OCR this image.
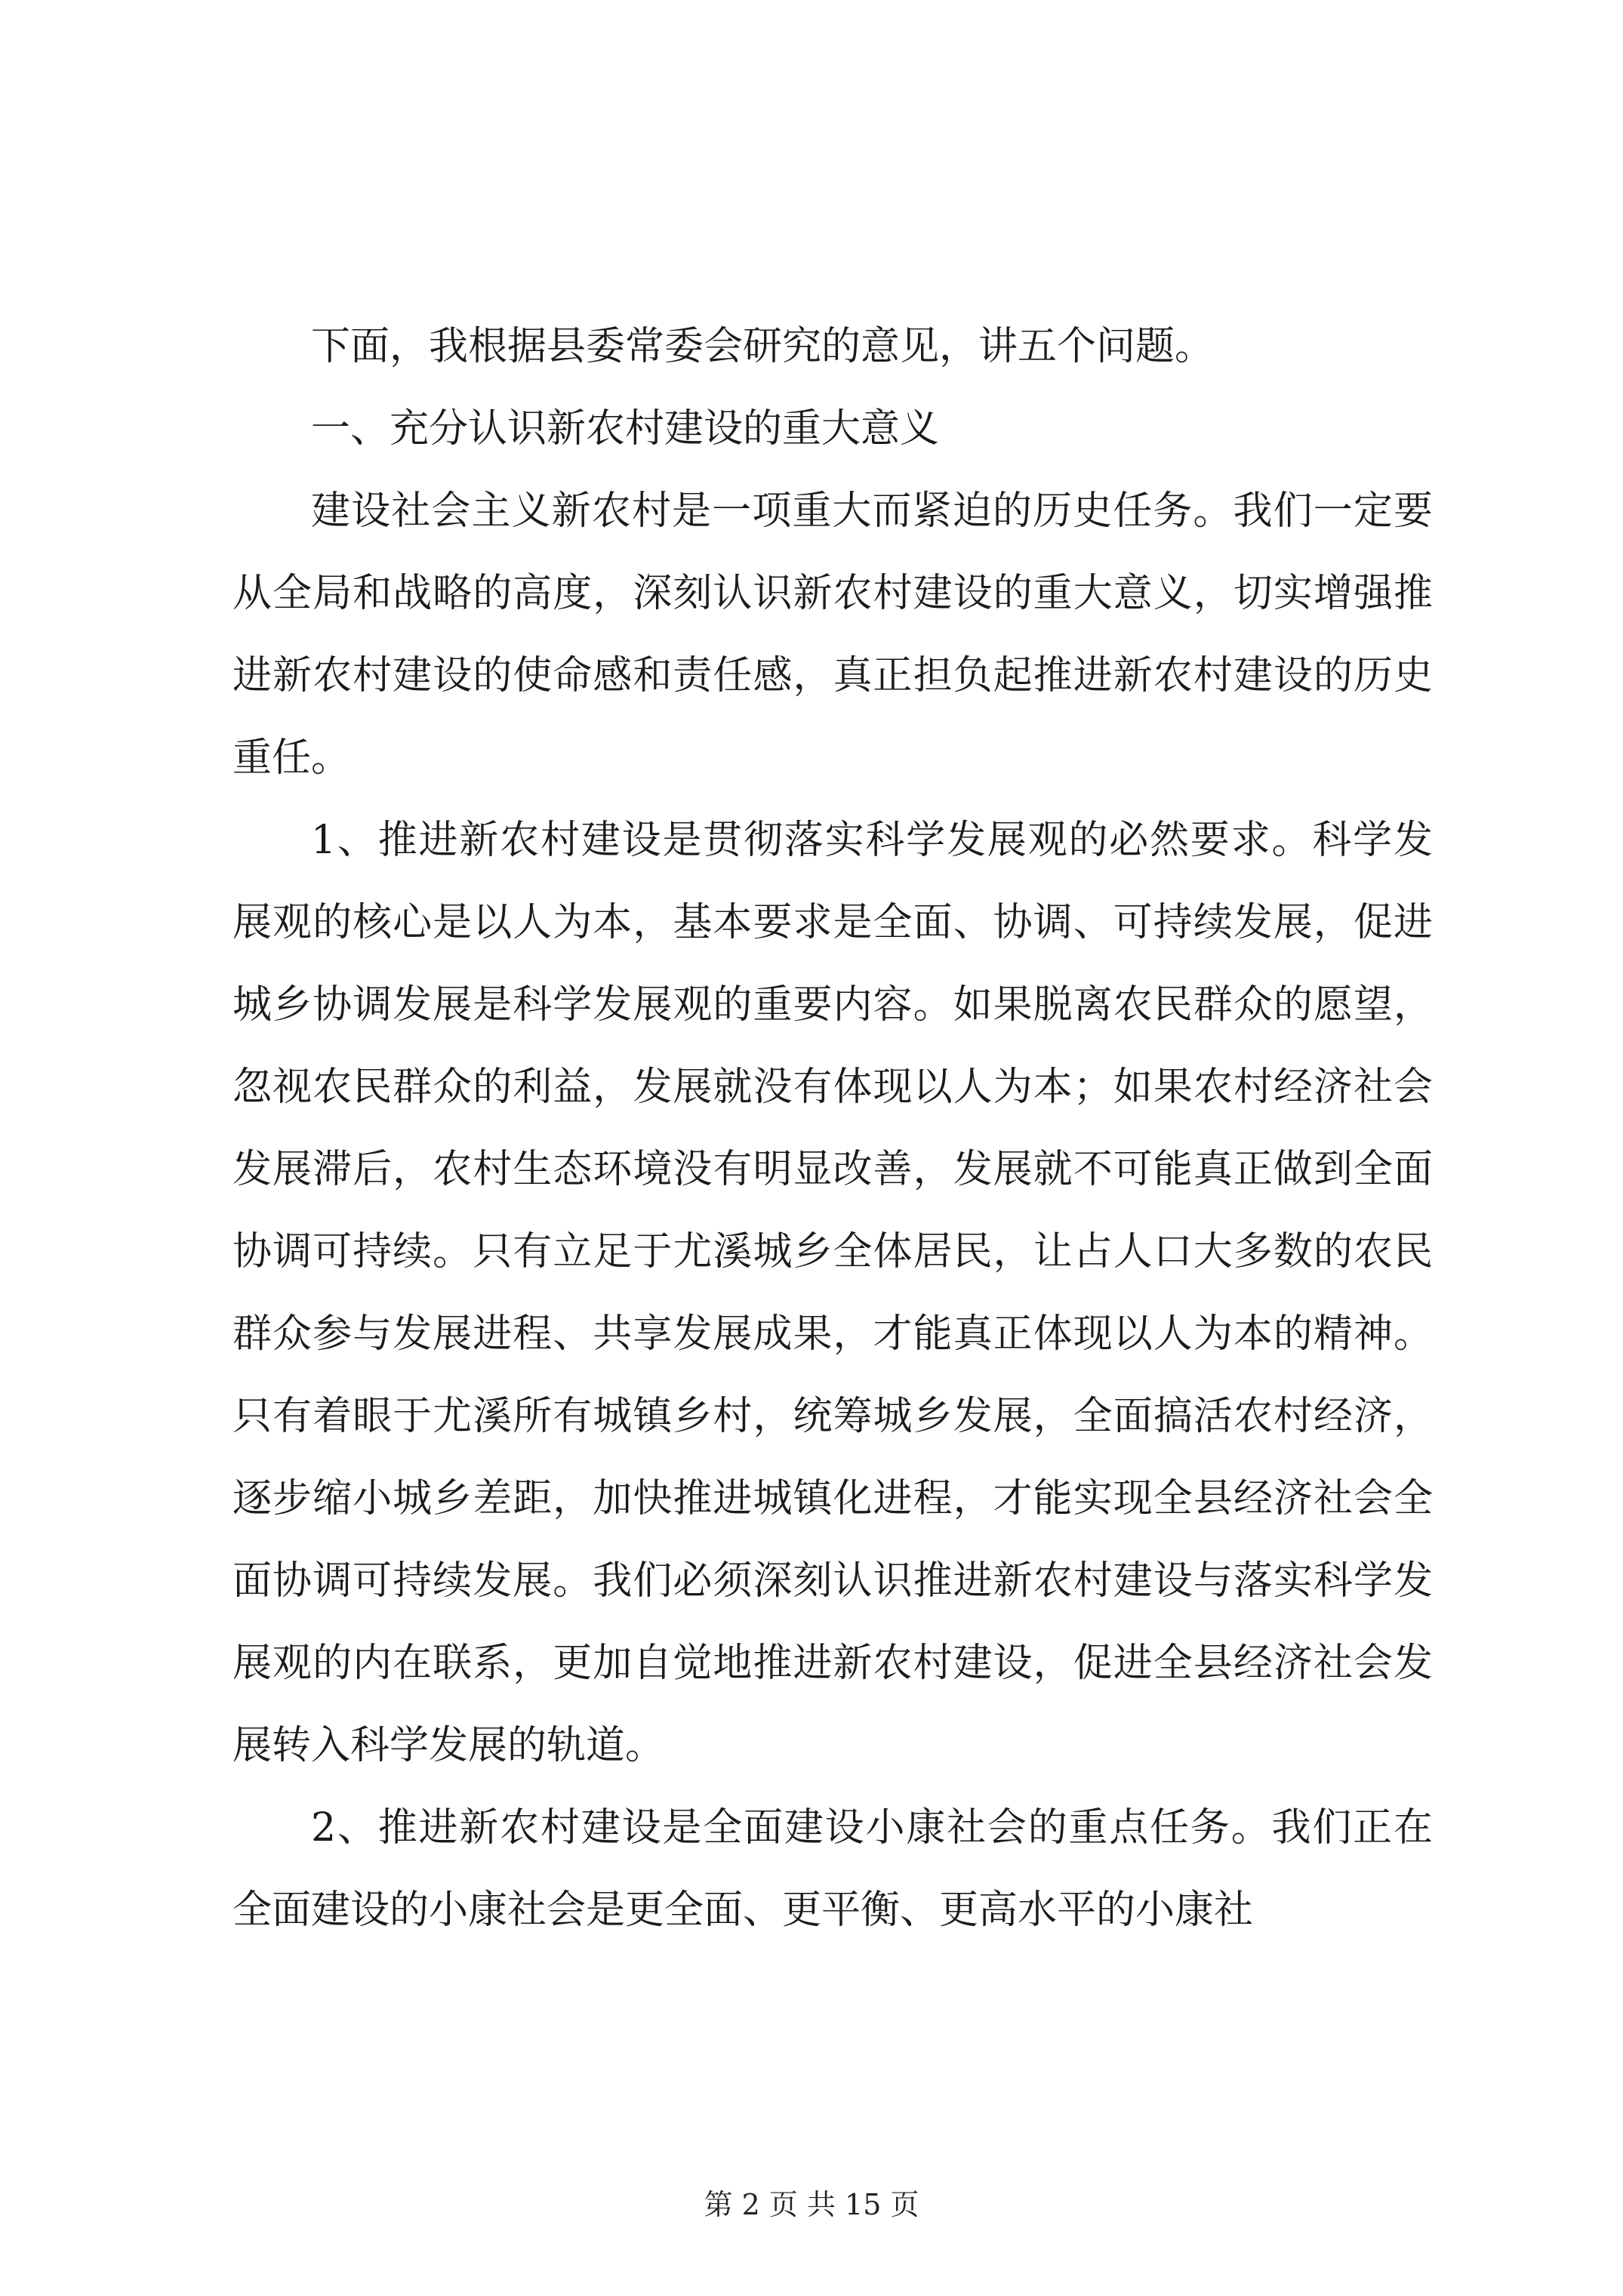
下面，我根据县委常委会研究的意见，讲五个问题。

一、充分认识新农村建设的重大意义

建设社会主义新农村是一项重大而紧迫的历史任务。我们一定要从全局和战略的高度，深刻认识新农村建设的重大意义，切实增强推进新农村建设的使命感和责任感，真正担负起推进新农村建设的历史重任。

1、推进新农村建设是贯彻落实科学发展观的必然要求。科学发展观的核心是以人为本，基本要求是全面、协调、可持续发展，促进城乡协调发展是科学发展观的重要内容。如果脱离农民群众的愿望，忽视农民群众的利益，发展就没有体现以人为本；如果农村经济社会发展滞后，农村生态环境没有明显改善，发展就不可能真正做到全面协调可持续。只有立足于尤溪城乡全体居民，让占人口大多数的农民群众参与发展进程、共享发展成果，才能真正体现以人为本的精神。只有着眼于尤溪所有城镇乡村，统筹城乡发展，全面搞活农村经济，逐步缩小城乡差距，加快推进城镇化进程，才能实现全县经济社会全面协调可持续发展。我们必须深刻认识推进新农村建设与落实科学发展观的内在联系，更加自觉地推进新农村建设，促进全县经济社会发展转入科学发展的轨道。

2、推进新农村建设是全面建设小康社会的重点任务。我们正在全面建设的小康社会是更全面、更平衡、更高水平的小康社

第 2 页 共 15 页
